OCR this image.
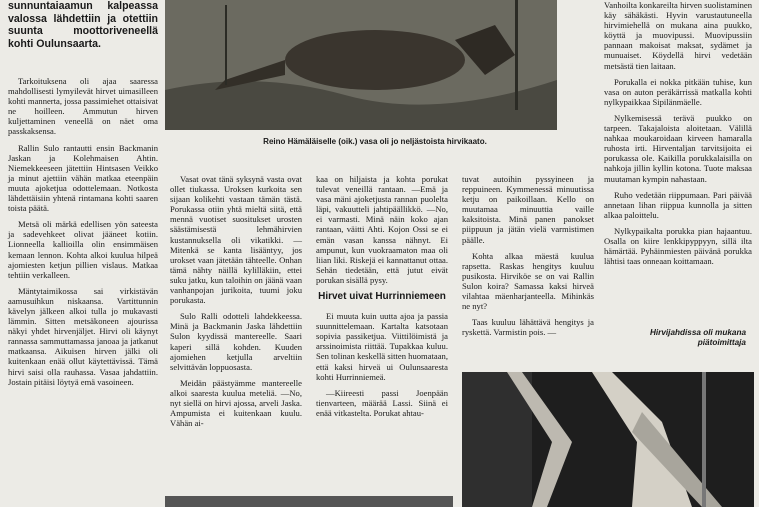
sunnuntaiaamun kalpeassa valossa lähdettiin ja otettiin suunta moottoriveneellä kohti Oulunsaarta.
Reino Hämäläiselle (oik.) vasa oli jo neljästoista hirvikaato.

Tarkoituksena oli ajaa saaressa mahdollisesti lymyilevät hirvet uimasilleen kohti mannerta, jossa passimiehet ottaisivat ne hoilleen. Ammutun hirven kuljettaminen veneellä on näet oma passkaksensa.

Rallin Sulo rantautti ensin Backmanin Jaskan ja Kolehmaisen Ahtin. Niemekkeeseen jätettiin Hintsasen Veikko ja minut ajettiin vähän matkaa eteenpäin muuta ajoketjua odottelemaan. Notkosta lähdettäisiin yhtenä rintamana kohti saaren toista päätä.

Metsä oli märkä edellisen yön sateesta ja sadevehkeet olivat jääneet kotiin. Lionneella kallioilla olin ensimmäisen kemaan lennon. Kohta alkoi kuulua hilpeä ajomiesten ketjun pillien vislaus. Matkaa tehtiin verkalleen.

Mäntytaimikossa sai virkistävän aamusuihkun niskaansa. Vartittunnin kävelyn jälkeen alkoi tulla jo mukavasti lämmin. Sitten metsäkoneen ajourissa näkyi yhdet hirvenjäljet. Hirvi oli käynyt rannassa sammuttamassa janoaa ja jatkanut matkaansa. Aikuisen hirven jälki oli kuitenkaan enää ollut käytettävissä. Tämä hirvi saisi olla rauhassa. Vasaa jahdattiin. Jostain pitäisi löytyä emä vasoineen.

Vasat ovat tänä syksynä vasta ovat ollet tiukassa. Uroksen kurkoita sen sijaan kolikehti vastaan tämän tästä. Porukassa otiin yhtä mieltä siitä, että mennä vuotiset suositukset urosten säästämisestä lehmähirvien kustannuksella oli vikatikki. — Mitenkä se kanta lisääntyy, jos urokset vaan jätetään tähteelle. Onhan tämä nähty näillä kylilläkiin, ettei suku jatku, kun taloihin on jäänä vaan vanhanpojan jurikoita, tuumi joku porukasta.

Sulo Ralli odotteli lahdekkeessa. Minä ja Backmanin Jaska lähdettiin Sulon kyydissä mantereelle. Saari kaperi sillä kohden. Kuuden ajomiehen ketjulla arveltiin selvittävän loppuosasta.

Meidän päästyämme mantereelle alkoi saaresta kuulua meteliä. —No, nyt siellä on hirvi ajossa, arveli Jaska. Ampumista ei kuitenkaan kuulu. Vähän ai-

kaa on hiljaista ja kohta porukat tulevat veneillä rantaan. —Emä ja vasa mäni ajoketjusta rannan puolelta läpi, vakuutteli jahtipäällikkö. —No, ei varmasti. Minä näin koko ajan rantaan, väitti Ahti. Kojon Ossi se ei emän vasan kanssa nähnyt. Ei ampunut, kun vuokraamaton maa oli liian liki. Riskejä ei kannattanut ottaa. Sehän tiedetään, että jutut eivät porukan sisällä pysy.

Hirvet uivat Hurrinniemeen

Ei muuta kuin uutta ajoa ja passia suunnittelemaan. Kartalta katsotaan sopivia passiketjua. Viittilöimistä ja arssinoimista riittää. Tupakkaa kuluu. Sen tolinan keskellä sitten huomataan, että kaksi hirveä ui Oulunsaaresta kohti Hurrinniemeä.

—Kiireesti passi Joenpään tienvarteen, määrää Lassi. Siinä ei enää vitkastelta. Porukat ahtau-

tuvat autoihin pyssyineen ja reppuineen. Kymmenessä minuutissa ketju on paikoillaan. Kello on muutamaa minuuttia vaille kaksitoista. Minä panen panokset piippuun ja jätän vielä varmistimen päälle.

Kohta alkaa mäestä kuulua rapsetta. Raskas hengitys kuuluu pusikosta. Hirviköe se on vai Rallin Sulon koira? Samassa kaksi hirveä vilahtaa mäenharjanteella. Mihinkäs ne nyt?

Taas kuuluu lähättävä hengitys ja ryskettä. Varmistin pois. —

Vanhoilta konkareilta hirven suolistaminen käy sähäkästi. Hyvin varustautuneella hirvimiehellä on mukana aina puukko, köyttä ja muovipussi. Muovipussiin pannaan makoisat maksat, sydämet ja munuaiset. Köydellä hirvi vedetään metsästä tien laitaan.

Porukalla ei nokka pitkään tuhise, kun vasa on auton peräkärrissä matkalla kohti nylkypaikkaa Sipilänmäelle.

Nylkemisessä terävä puukko on tarpeen. Takajaloista aloitetaan. Välillä nahkaa moukaroidaan kirveen hamaralla ruhosta irti. Hirventaljan tarvitsijoita ei porukassa ole. Kaikilla porukkalaisilla on nahkoja jillin kyllin kotona. Tuote maksaa muutaman kympin nahastaan.

Ruho vedetään riippumaan. Pari päivää annetaan lihan riippua kunnolla ja sitten alkaa paloittelu.

Nylkypaikalta porukka pian hajaantuu. Osalla on kiire lenkkipyppyyn, sillä ilta hämärtää. Pyhäinmiesten päivänä porukka lähtisi taas onneaan koittamaan.

Hirvijahdissa oli mukana piätoimittaja
